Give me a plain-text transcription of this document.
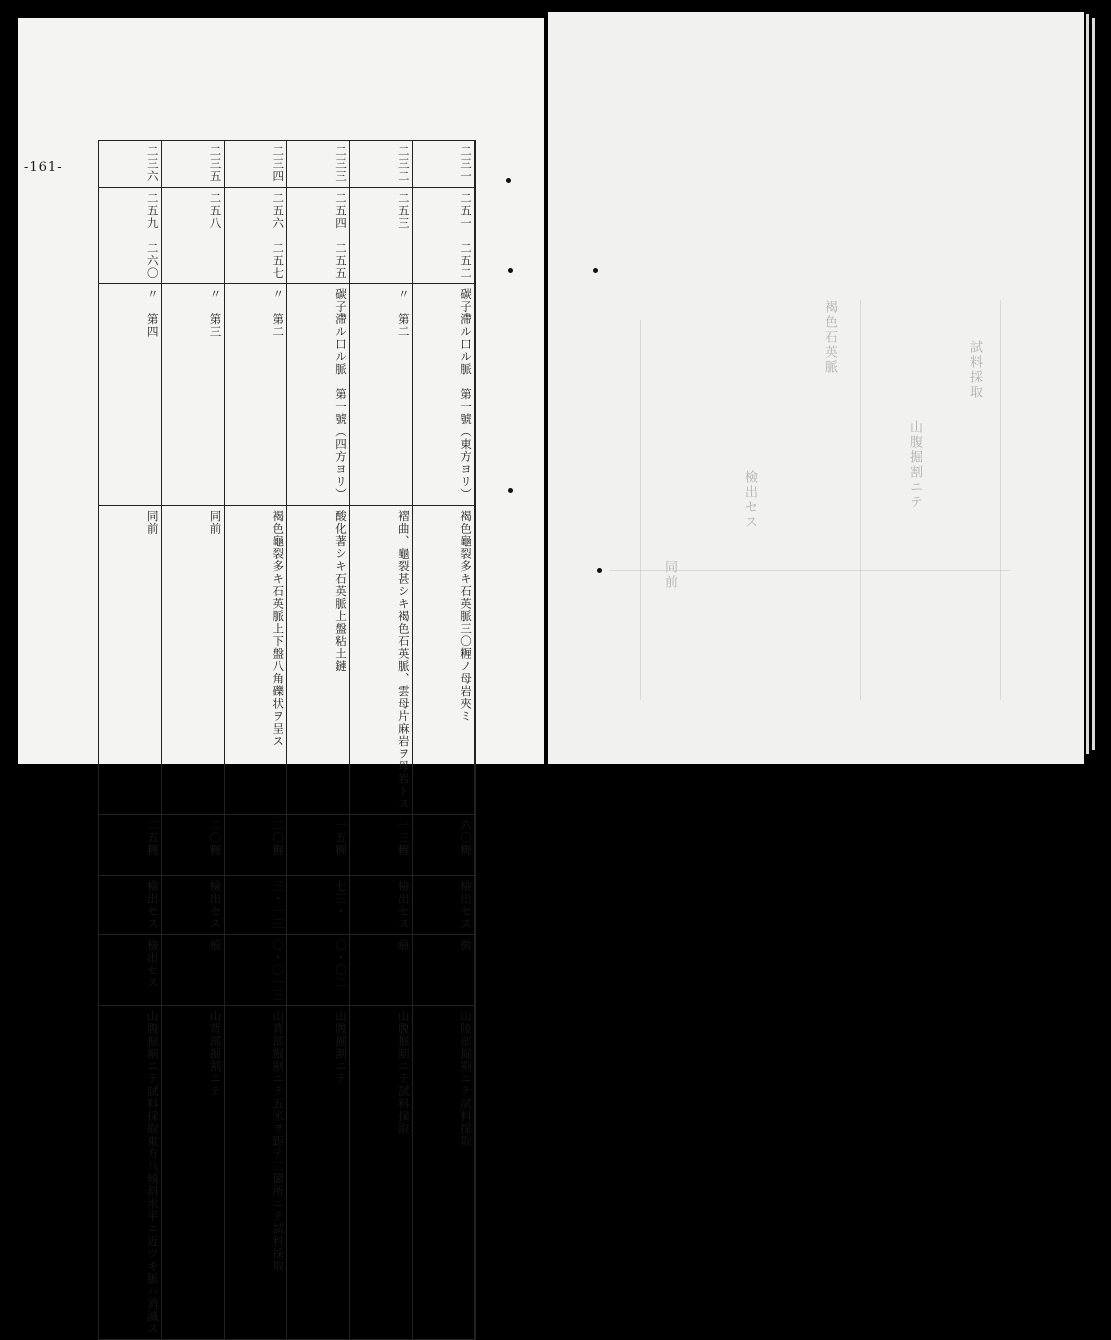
-161-	二三一	二三二	二三三	二三四	二三五	二三六

二五一　二五二	二五三	二五四　二五五	二五六　二五七	二五八	二五九　二六〇

碳子滯ル口ル脈　第一號（東方ヨリ）	第二　〃	碳子滯ル口ル脈　第一號（四方ヨリ）	第二　〃	第三　〃	第四　〃

褐色龜裂多キ石英脈三〇糎ノ母岩夾ミ	褶曲、龜裂甚シキ褐色石英脈、雲母片麻岩ヲ母岩トス	酸化著シキ石英脈上盤粘土鏈	褐色龜裂多キ石英脈上下盤八角礫状ヲ呈ス	同前	同前

六〇糎	一三糎	一五糎	二〇糎	二〇糎	二五糎

檢出セス	檢出セス	・七三	三・一三	檢出セス	檢出セス

微	痕	〇・〇二	〇・〇一三	痕	檢出セス

山陵部掘割ニテ試料採取	山腹掘割ニテ試料採取	山腹掘割ニテ	山背部掘割ニテ五米ヲ距テ二箇所ニテ試料採取	山背部掘割ニテ	山腹掘割ニテ試料採取東方八傾斜水平ニ近ツキ脈ハ消滅ス
試料採取
山腹掘割ニテ
褐色石英脈
檢出セス
同前
